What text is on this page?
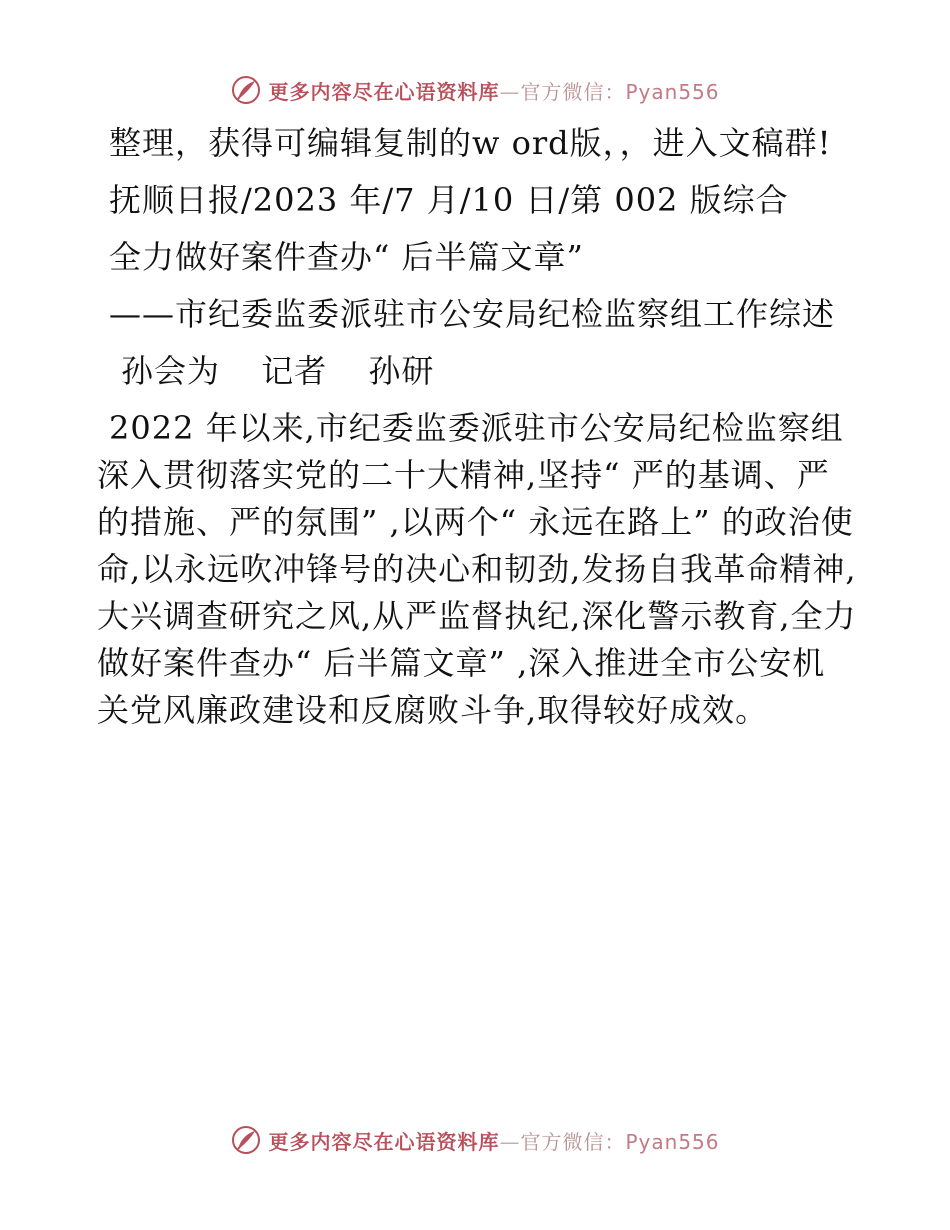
更多内容尽在心语资料库—官方微信：Pyan556

整理，获得可编辑复制的w ord版，，进入文稿群!

抚顺日报/2023 年/7 月/10 日/第 002 版综合

全力做好案件查办“ 后半篇文章”

——市纪委监委派驻市公安局纪检监察组工作综述

孙会为 记者 孙研

2022 年以来,市纪委监委派驻市公安局纪检监察组深入贯彻落实党的二十大精神,坚持“ 严的基调、严的措施、严的氛围” ,以两个“ 永远在路上” 的政治使命,以永远吹冲锋号的决心和韧劲,发扬自我革命精神,大兴调查研究之风,从严监督执纪,深化警示教育,全力做好案件查办“ 后半篇文章” ,深入推进全市公安机关党风廉政建设和反腐败斗争,取得较好成效。

更多内容尽在心语资料库—官方微信：Pyan556
